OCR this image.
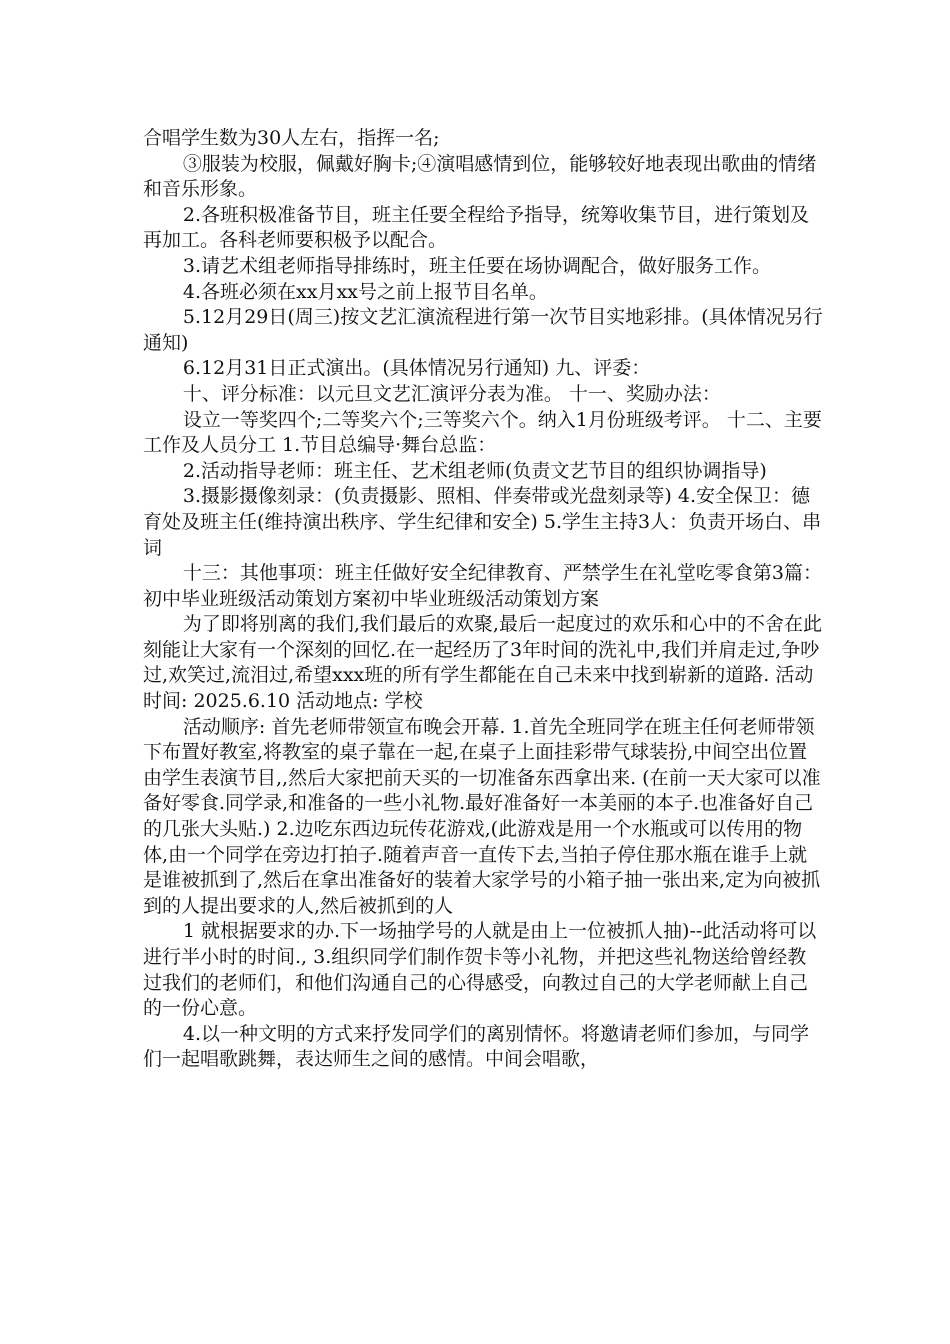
合唱学生数为30人左右，指挥一名;

③服装为校服，佩戴好胸卡;④演唱感情到位，能够较好地表现出歌曲的情绪和音乐形象。

2.各班积极准备节目，班主任要全程给予指导，统筹收集节目，进行策划及再加工。各科老师要积极予以配合。

3.请艺术组老师指导排练时，班主任要在场协调配合，做好服务工作。

4.各班必须在xx月xx号之前上报节目名单。

5.12月29日(周三)按文艺汇演流程进行第一次节目实地彩排。(具体情况另行通知)

6.12月31日正式演出。(具体情况另行通知) 九、评委：

十、评分标准：以元旦文艺汇演评分表为准。 十一、奖励办法：

设立一等奖四个;二等奖六个;三等奖六个。纳入1月份班级考评。 十二、主要工作及人员分工 1.节目总编导·舞台总监：

2.活动指导老师：班主任、艺术组老师(负责文艺节目的组织协调指导)

3.摄影摄像刻录：(负责摄影、照相、伴奏带或光盘刻录等) 4.安全保卫：德育处及班主任(维持演出秩序、学生纪律和安全) 5.学生主持3人：负责开场白、串词

十三：其他事项：班主任做好安全纪律教育、严禁学生在礼堂吃零食第3篇：初中毕业班级活动策划方案初中毕业班级活动策划方案

为了即将别离的我们,我们最后的欢聚,最后一起度过的欢乐和心中的不舍在此刻能让大家有一个深刻的回忆.在一起经历了3年时间的洗礼中,我们并肩走过,争吵过,欢笑过,流泪过,希望xxx班的所有学生都能在自己未来中找到崭新的道路. 活动时间: 2025.6.10 活动地点: 学校

活动顺序: 首先老师带领宣布晚会开幕. 1.首先全班同学在班主任何老师带领下布置好教室,将教室的桌子靠在一起,在桌子上面挂彩带气球装扮,中间空出位置由学生表演节目,,然后大家把前天买的一切准备东西拿出来. (在前一天大家可以准备好零食.同学录,和准备的一些小礼物.最好准备好一本美丽的本子.也准备好自己的几张大头贴.) 2.边吃东西边玩传花游戏,(此游戏是用一个水瓶或可以传用的物体,由一个同学在旁边打拍子.随着声音一直传下去,当拍子停住那水瓶在谁手上就是谁被抓到了,然后在拿出准备好的装着大家学号的小箱子抽一张出来,定为向被抓到的人提出要求的人,然后被抓到的人

1 就根据要求的办.下一场抽学号的人就是由上一位被抓人抽)--此活动将可以进行半小时的时间., 3.组织同学们制作贺卡等小礼物，并把这些礼物送给曾经教过我们的老师们，和他们沟通自己的心得感受，向教过自己的大学老师献上自己的一份心意。

4.以一种文明的方式来抒发同学们的离别情怀。将邀请老师们参加，与同学们一起唱歌跳舞，表达师生之间的感情。中间会唱歌，
